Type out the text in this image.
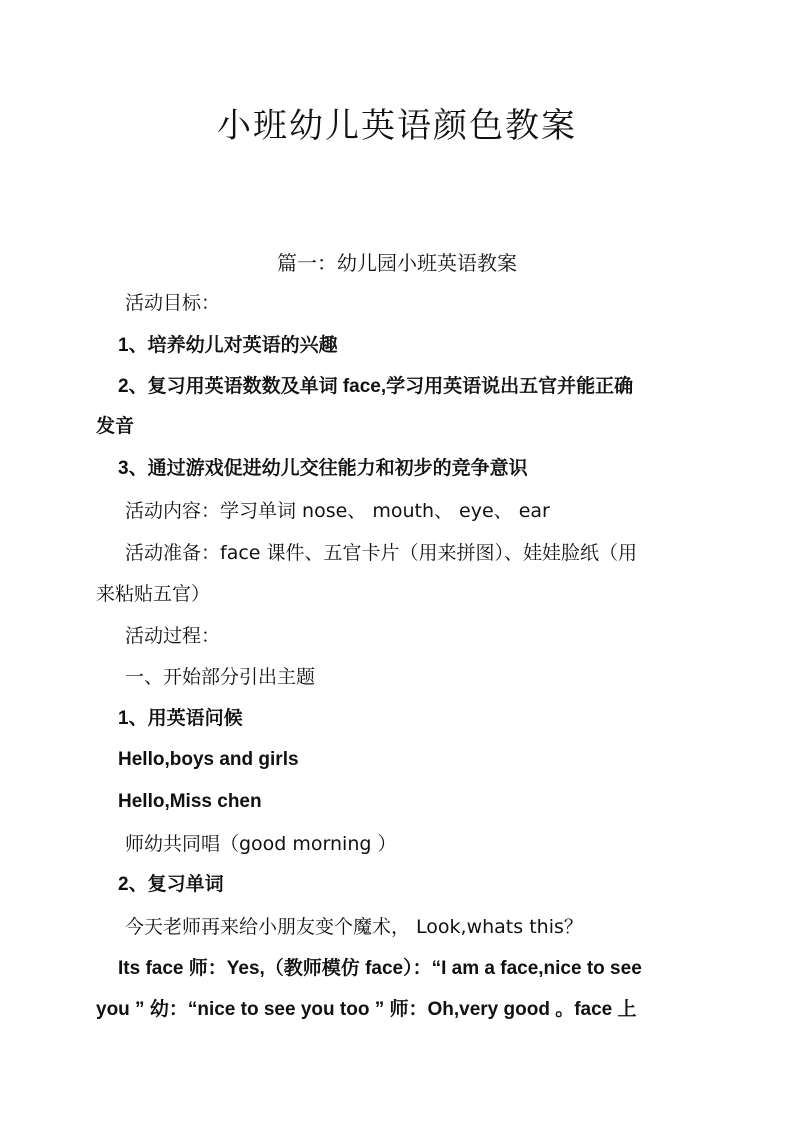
小班幼儿英语颜色教案
篇一：幼儿园小班英语教案
活动目标：
1、培养幼儿对英语的兴趣
2、复习用英语数数及单词 face,学习用英语说出五官并能正确
发音
3、通过游戏促进幼儿交往能力和初步的竞争意识
活动内容：学习单词 nose、 mouth、 eye、 ear
活动准备：face 课件、五官卡片（用来拼图）、娃娃脸纸（用
来粘贴五官）
活动过程：
一、开始部分引出主题
1、用英语问候
Hello,boys and girls
Hello,Miss chen
师幼共同唱（good morning ）
2、复习单词
今天老师再来给小朋友变个魔术， Look,whats this？
Its face 师：Yes,（教师模仿 face）：“I am a face,nice to see
you ” 幼：“nice to see you too ” 师：Oh,very good 。face 上
